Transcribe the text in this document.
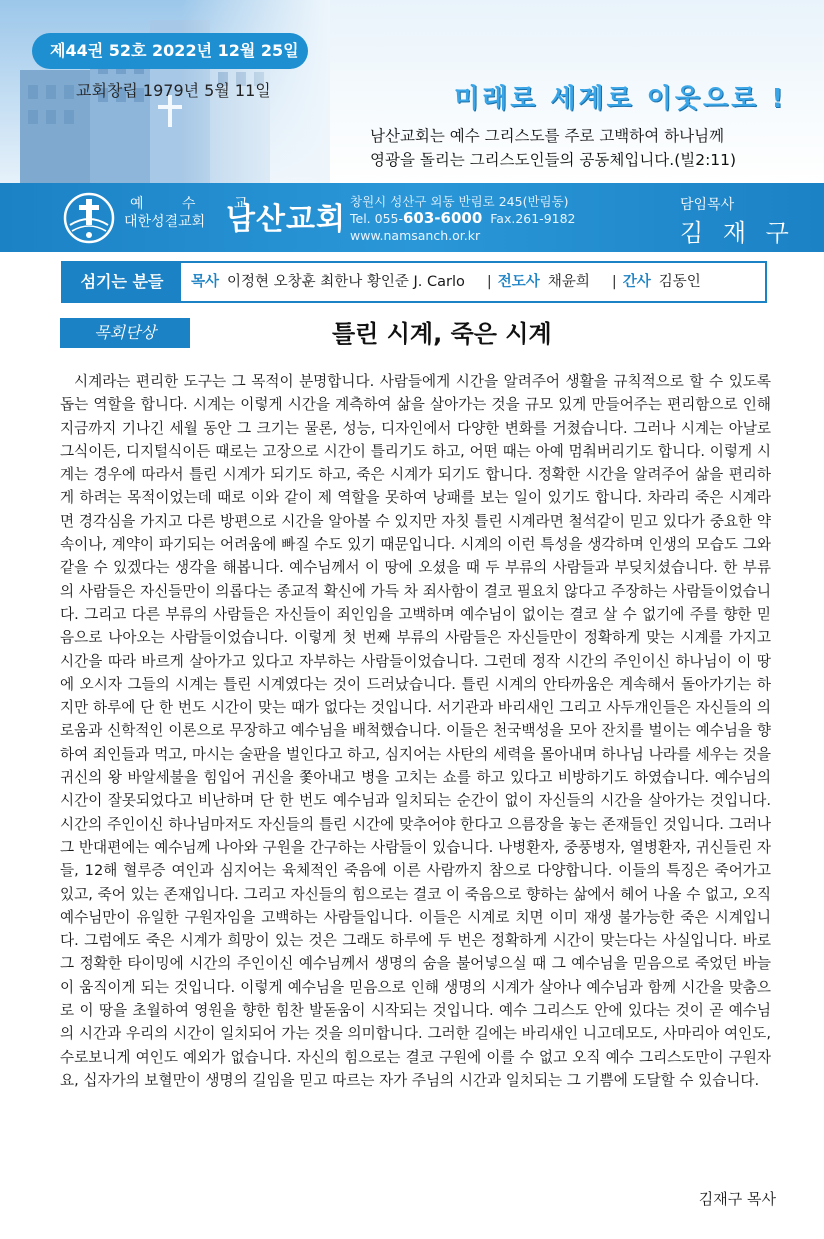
제44권 52호 2022년 12월 25일
교회창립 1979년 5월 11일	미래로 세계로 이웃으로 !
남산교회는 예수 그리스도를 주로 고백하여 하나님께
영광을 돌리는 그리스도인들의 공동체입니다.(빌2:11)
예 수 교
대한성결교회 남산교회
창원시 성산구 외동 반림로 245(반림동)
Tel. 055-603-6000 Fax.261-9182
www.namsanch.or.kr
담임목사
김 재 구
섬기는 분들	목사 이정현 오창훈 최한나 황인준 J. Carlo | 전도사 채윤희 | 간사 김동인
목회단상	틀린 시계, 죽은 시계
시계라는 편리한 도구는 그 목적이 분명합니다. 사람들에게 시간을 알려주어 생활을 규칙적으로 할 수 있도록 돕는 역할을 합니다. 시계는 이렇게 시간을 계측하여 삶을 살아가는 것을 규모 있게 만들어주는 편리함으로 인해 지금까지 기나긴 세월 동안 그 크기는 물론, 성능, 디자인에서 다양한 변화를 거쳤습니다. 그러나 시계는 아날로그식이든, 디지털식이든 때로는 고장으로 시간이 틀리기도 하고, 어떤 때는 아예 멈춰버리기도 합니다. 이렇게 시계는 경우에 따라서 틀린 시계가 되기도 하고, 죽은 시계가 되기도 합니다. 정확한 시간을 알려주어 삶을 편리하게 하려는 목적이었는데 때로 이와 같이 제 역할을 못하여 낭패를 보는 일이 있기도 합니다. 차라리 죽은 시계라면 경각심을 가지고 다른 방편으로 시간을 알아볼 수 있지만 자칫 틀린 시계라면 철석같이 믿고 있다가 중요한 약속이나, 계약이 파기되는 어려움에 빠질 수도 있기 때문입니다. 시계의 이런 특성을 생각하며 인생의 모습도 그와 같을 수 있겠다는 생각을 해봅니다. 예수님께서 이 땅에 오셨을 때 두 부류의 사람들과 부딪치셨습니다. 한 부류의 사람들은 자신들만이 의롭다는 종교적 확신에 가득 차 죄사함이 결코 필요치 않다고 주장하는 사람들이었습니다. 그리고 다른 부류의 사람들은 자신들이 죄인임을 고백하며 예수님이 없이는 결코 살 수 없기에 주를 향한 믿음으로 나아오는 사람들이었습니다. 이렇게 첫 번째 부류의 사람들은 자신들만이 정확하게 맞는 시계를 가지고 시간을 따라 바르게 살아가고 있다고 자부하는 사람들이었습니다. 그런데 정작 시간의 주인이신 하나님이 이 땅에 오시자 그들의 시계는 틀린 시계였다는 것이 드러났습니다. 틀린 시계의 안타까움은 계속해서 돌아가기는 하지만 하루에 단 한 번도 시간이 맞는 때가 없다는 것입니다. 서기관과 바리새인 그리고 사두개인들은 자신들의 의로움과 신학적인 이론으로 무장하고 예수님을 배척했습니다. 이들은 천국백성을 모아 잔치를 벌이는 예수님을 향하여 죄인들과 먹고, 마시는 술판을 벌인다고 하고, 심지어는 사탄의 세력을 몰아내며 하나님 나라를 세우는 것을 귀신의 왕 바알세불을 힘입어 귀신을 쫓아내고 병을 고치는 쇼를 하고 있다고 비방하기도 하였습니다. 예수님의 시간이 잘못되었다고 비난하며 단 한 번도 예수님과 일치되는 순간이 없이 자신들의 시간을 살아가는 것입니다. 시간의 주인이신 하나님마저도 자신들의 틀린 시간에 맞추어야 한다고 으름장을 놓는 존재들인 것입니다. 그러나 그 반대편에는 예수님께 나아와 구원을 간구하는 사람들이 있습니다. 나병환자, 중풍병자, 열병환자, 귀신들린 자들, 12해 혈루증 여인과 심지어는 육체적인 죽음에 이른 사람까지 참으로 다양합니다. 이들의 특징은 죽어가고 있고, 죽어 있는 존재입니다. 그리고 자신들의 힘으로는 결코 이 죽음으로 향하는 삶에서 헤어 나올 수 없고, 오직 예수님만이 유일한 구원자임을 고백하는 사람들입니다. 이들은 시계로 치면 이미 재생 불가능한 죽은 시계입니다. 그럼에도 죽은 시계가 희망이 있는 것은 그래도 하루에 두 번은 정확하게 시간이 맞는다는 사실입니다. 바로 그 정확한 타이밍에 시간의 주인이신 예수님께서 생명의 숨을 불어넣으실 때 그 예수님을 믿음으로 죽었던 바늘이 움직이게 되는 것입니다. 이렇게 예수님을 믿음으로 인해 생명의 시계가 살아나 예수님과 함께 시간을 맞춤으로 이 땅을 초월하여 영원을 향한 힘찬 발돋움이 시작되는 것입니다. 예수 그리스도 안에 있다는 것이 곧 예수님의 시간과 우리의 시간이 일치되어 가는 것을 의미합니다. 그러한 길에는 바리새인 니고데모도, 사마리아 여인도, 수로보니게 여인도 예외가 없습니다. 자신의 힘으로는 결코 구원에 이를 수 없고 오직 예수 그리스도만이 구원자요, 십자가의 보혈만이 생명의 길임을 믿고 따르는 자가 주님의 시간과 일치되는 그 기쁨에 도달할 수 있습니다.
김재구 목사
